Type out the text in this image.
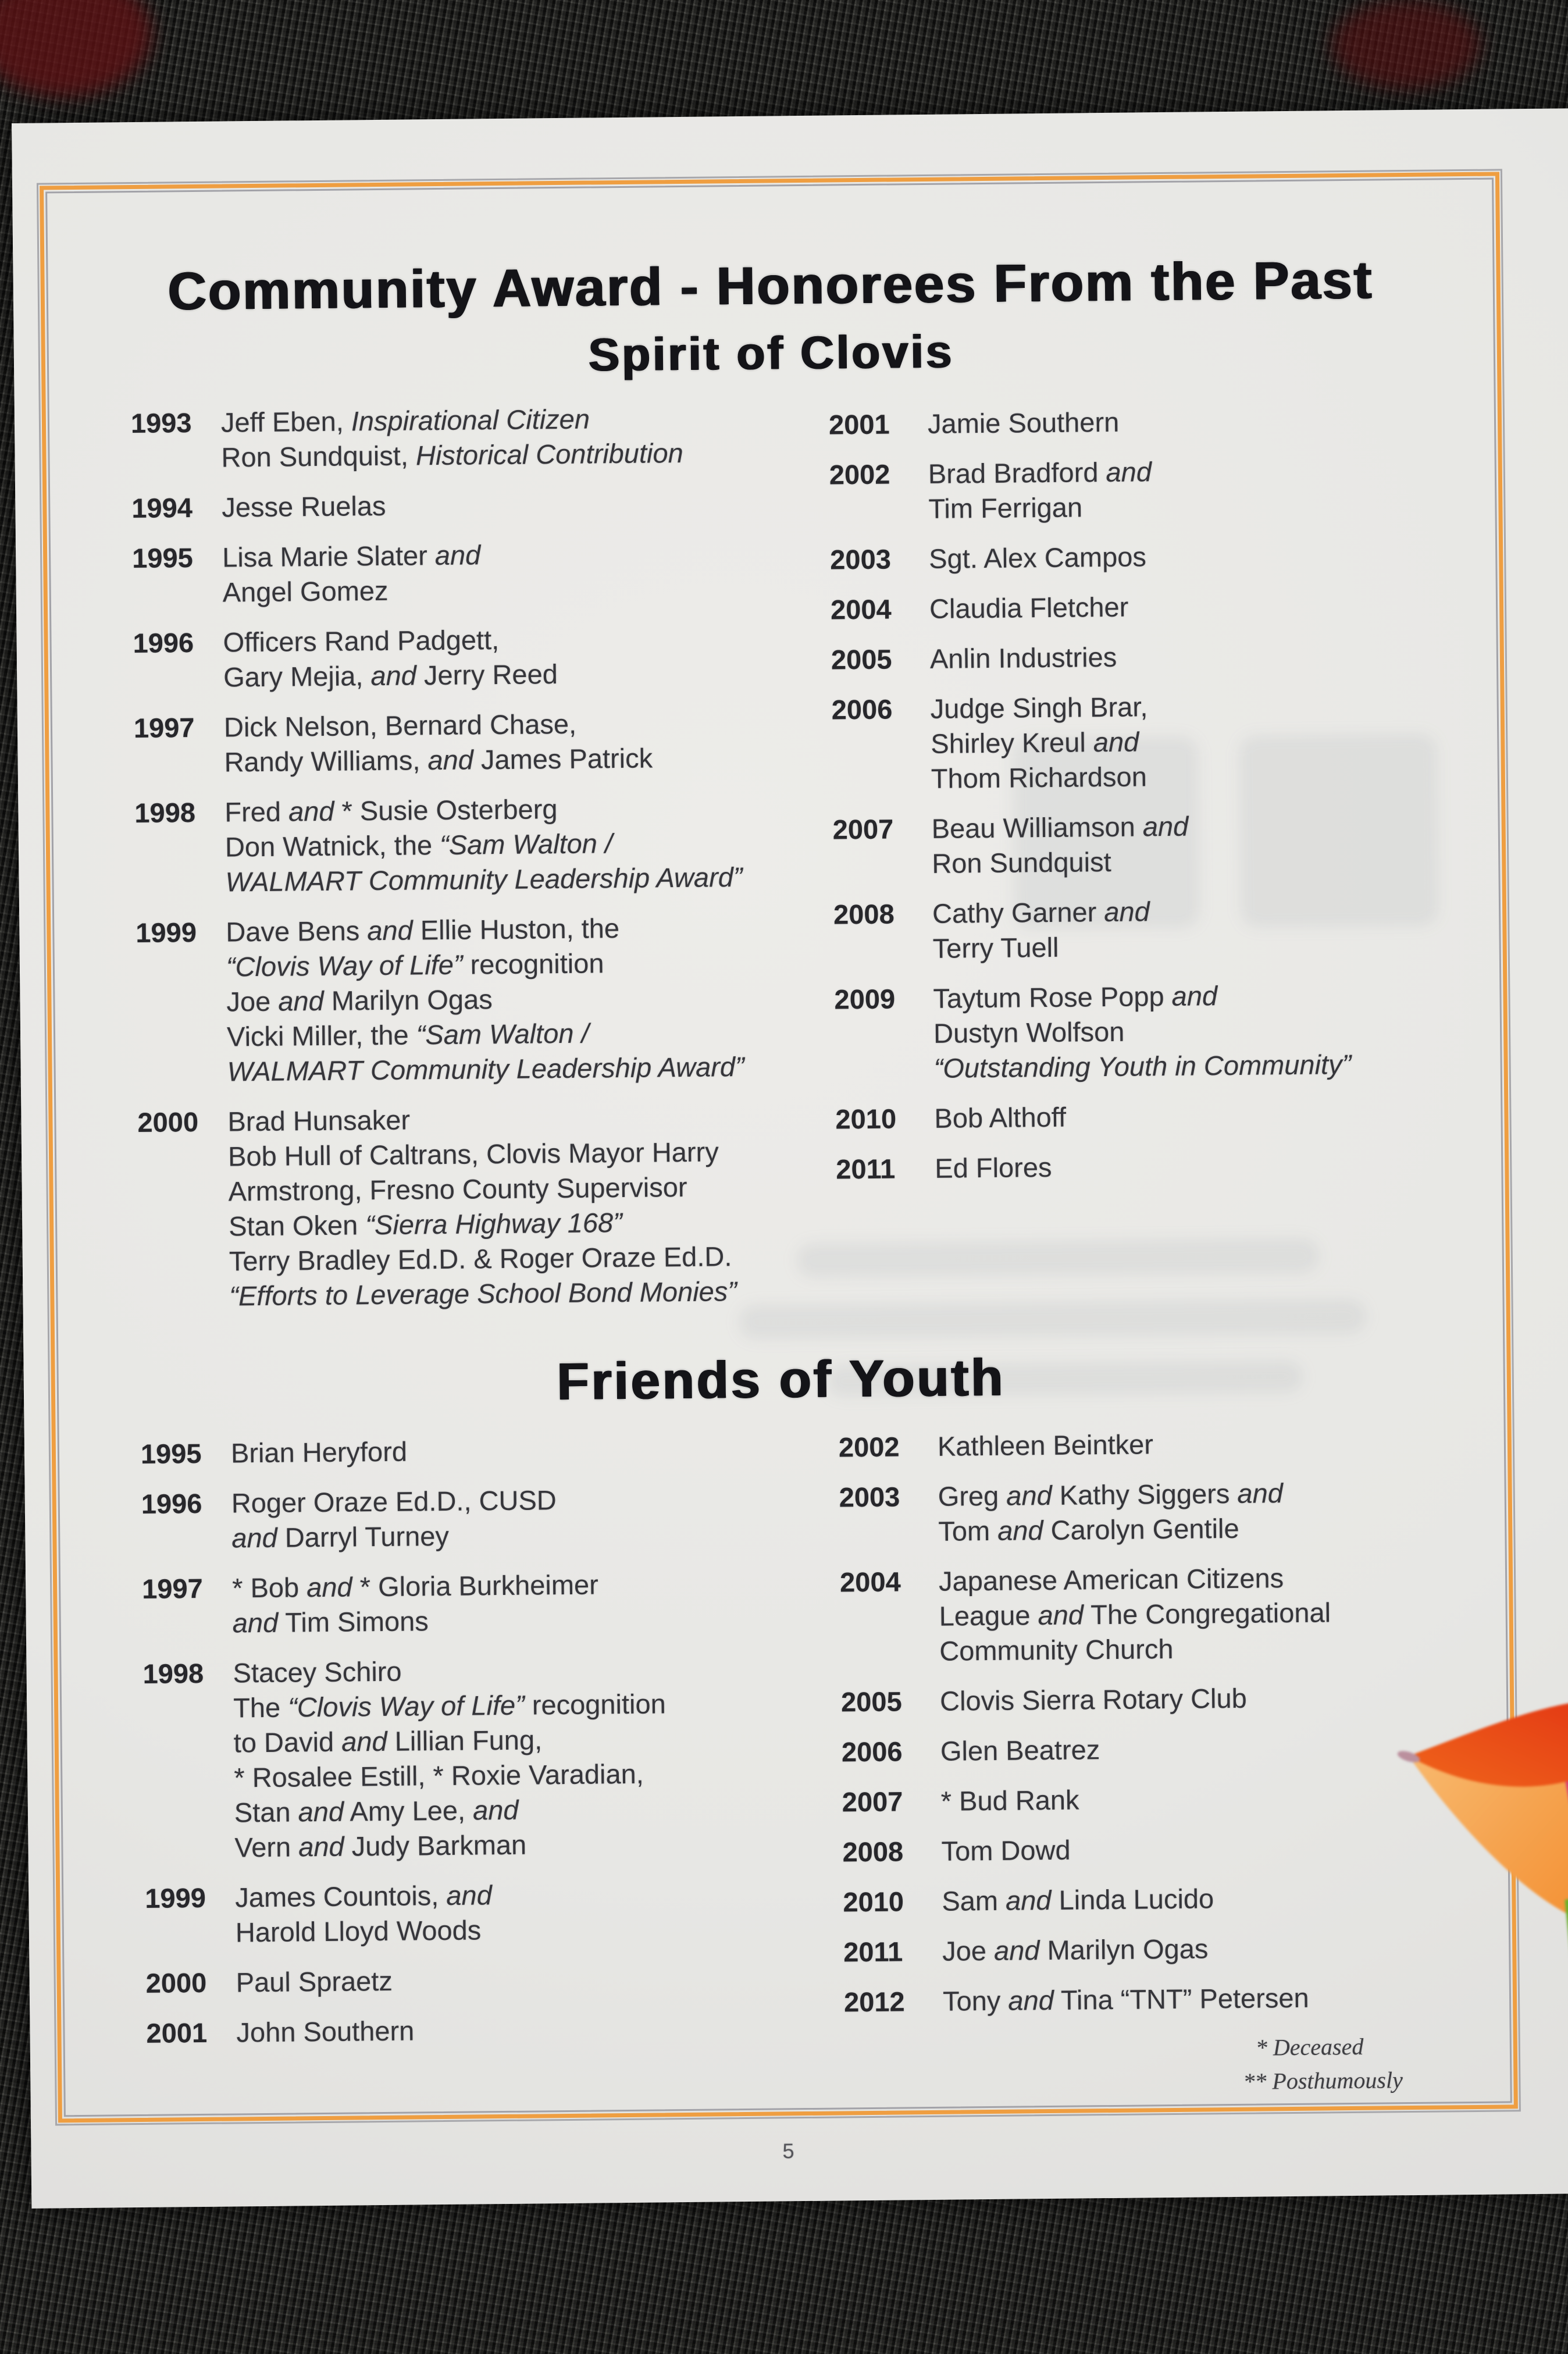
Community Award - Honorees From the Past
Spirit of Clovis
1993	Jeff Eben, Inspirational Citizen
Ron Sundquist, Historical Contribution
1994	Jesse Ruelas
1995	Lisa Marie Slater and
Angel Gomez
1996	Officers Rand Padgett,
Gary Mejia, and Jerry Reed
1997	Dick Nelson, Bernard Chase,
Randy Williams, and James Patrick
1998	Fred and * Susie Osterberg
Don Watnick, the “Sam Walton /
WALMART Community Leadership Award”
1999	Dave Bens and Ellie Huston, the
“Clovis Way of Life” recognition
Joe and Marilyn Ogas
Vicki Miller, the “Sam Walton /
WALMART Community Leadership Award”
2000	Brad Hunsaker
Bob Hull of Caltrans, Clovis Mayor Harry
Armstrong, Fresno County Supervisor
Stan Oken “Sierra Highway 168”
Terry Bradley Ed.D. & Roger Oraze Ed.D.
“Efforts to Leverage School Bond Monies”
2001	Jamie Southern
2002	Brad Bradford and
Tim Ferrigan
2003	Sgt. Alex Campos
2004	Claudia Fletcher
2005	Anlin Industries
2006	Judge Singh Brar,
Shirley Kreul and
Thom Richardson
2007	Beau Williamson and
Ron Sundquist
2008	Cathy Garner and
Terry Tuell
2009	Taytum Rose Popp and
Dustyn Wolfson
“Outstanding Youth in Community”
2010	Bob Althoff
2011	Ed Flores
Friends of Youth
1995	Brian Heryford
1996	Roger Oraze Ed.D., CUSD
and Darryl Turney
1997	* Bob and * Gloria Burkheimer
and Tim Simons
1998	Stacey Schiro
The “Clovis Way of Life” recognition
to David and Lillian Fung,
* Rosalee Estill, * Roxie Varadian,
Stan and Amy Lee, and
Vern and Judy Barkman
1999	James Countois, and
Harold Lloyd Woods
2000	Paul Spraetz
2001	John Southern
2002	Kathleen Beintker
2003	Greg and Kathy Siggers and
Tom and Carolyn Gentile
2004	Japanese American Citizens
League and The Congregational
Community Church
2005	Clovis Sierra Rotary Club
2006	Glen Beatrez
2007	* Bud Rank
2008	Tom Dowd
2010	Sam and Linda Lucido
2011	Joe and Marilyn Ogas
2012	Tony and Tina “TNT” Petersen
* Deceased
** Posthumously
5
